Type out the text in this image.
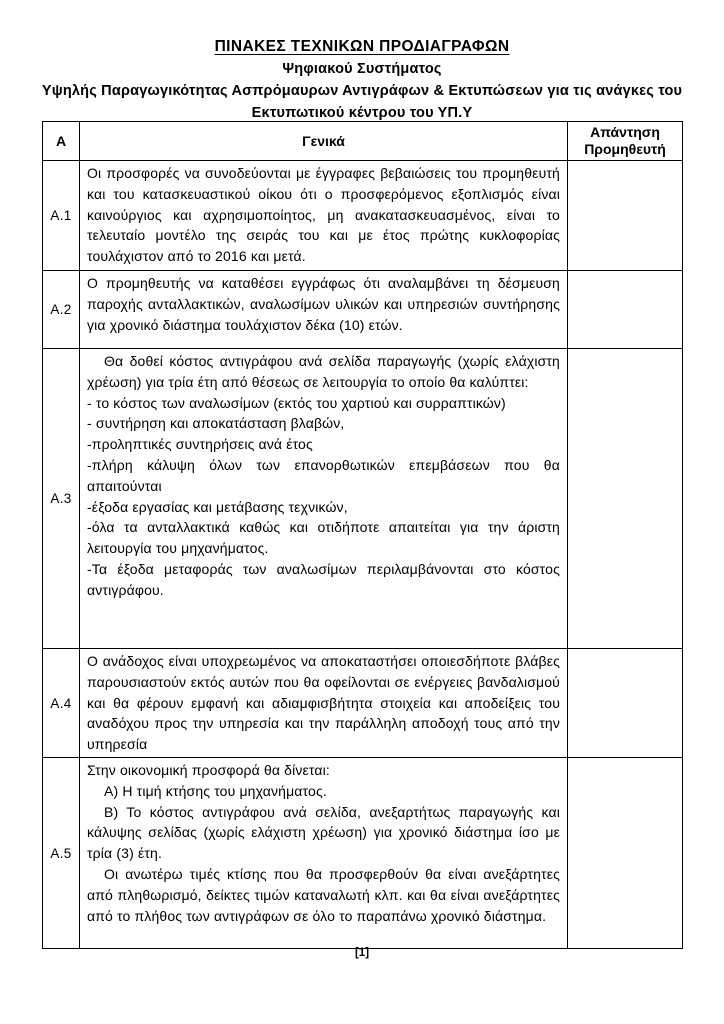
ΠΙΝΑΚΕΣ ΤΕΧΝΙΚΩΝ ΠΡΟΔΙΑΓΡΑΦΩΝ
Ψηφιακού Συστήματος
Υψηλής Παραγωγικότητας Ασπρόμαυρων Αντιγράφων & Εκτυπώσεων για τις ανάγκες του
Εκτυπωτικού κέντρου του ΥΠ.Υ
Α	Γενικά	Απάντηση Προμηθευτή
Α.1	Οι προσφορές να συνοδεύονται με έγγραφες βεβαιώσεις του προμηθευτή και του κατασκευαστικού οίκου ότι ο προσφερόμενος εξοπλισμός είναι καινούργιος και αχρησιμοποίητος, μη ανακατασκευασμένος, είναι το τελευταίο μοντέλο της σειράς του και με έτος πρώτης κυκλοφορίας τουλάχιστον από το 2016 και μετά.	

Α.2	Ο προμηθευτής να καταθέσει εγγράφως ότι αναλαμβάνει τη δέσμευση παροχής ανταλλακτικών, αναλωσίμων υλικών και υπηρεσιών συντήρησης για χρονικό διάστημα τουλάχιστον δέκα (10) ετών.	

Α.3	
Θα δοθεί κόστος αντιγράφου ανά σελίδα παραγωγής (χωρίς ελάχιστη χρέωση) για τρία έτη από θέσεως σε λειτουργία το οποίο θα καλύπτει:
- το κόστος των αναλωσίμων (εκτός του χαρτιού και συρραπτικών)
- συντήρηση και αποκατάσταση βλαβών,
-προληπτικές συντηρήσεις ανά έτος
-πλήρη κάλυψη όλων των επανορθωτικών επεμβάσεων που θα απαιτούνται
-έξοδα εργασίας και μετάβασης τεχνικών,
-όλα τα ανταλλακτικά καθώς και οτιδήποτε απαιτείται για την άριστη λειτουργία του μηχανήματος.
-Τα έξοδα μεταφοράς των αναλωσίμων περιλαμβάνονται στο κόστος αντιγράφου.

Α.4	Ο ανάδοχος είναι υποχρεωμένος να αποκαταστήσει οποιεσδήποτε βλάβες παρουσιαστούν εκτός αυτών που θα οφείλονται σε ενέργειες βανδαλισμού και θα φέρουν εμφανή και αδιαμφισβήτητα στοιχεία και αποδείξεις του αναδόχου προς την υπηρεσία και την παράλληλη αποδοχή τους από την υπηρεσία	

Α.5	Στην οικονομική προσφορά θα δίνεται:
Α) Η τιμή κτήσης του μηχανήματος.
Β) Το κόστος αντιγράφου ανά σελίδα, ανεξαρτήτως παραγωγής και κάλυψης σελίδας (χωρίς ελάχιστη χρέωση) για χρονικό διάστημα ίσο με τρία (3) έτη.
Οι ανωτέρω τιμές κτίσης που θα προσφερθούν θα είναι ανεξάρτητες από πληθωρισμό, δείκτες τιμών καταναλωτή κλπ. και θα είναι ανεξάρτητες από το πλήθος των αντιγράφων σε όλο το παραπάνω χρονικό διάστημα.	

[1]
